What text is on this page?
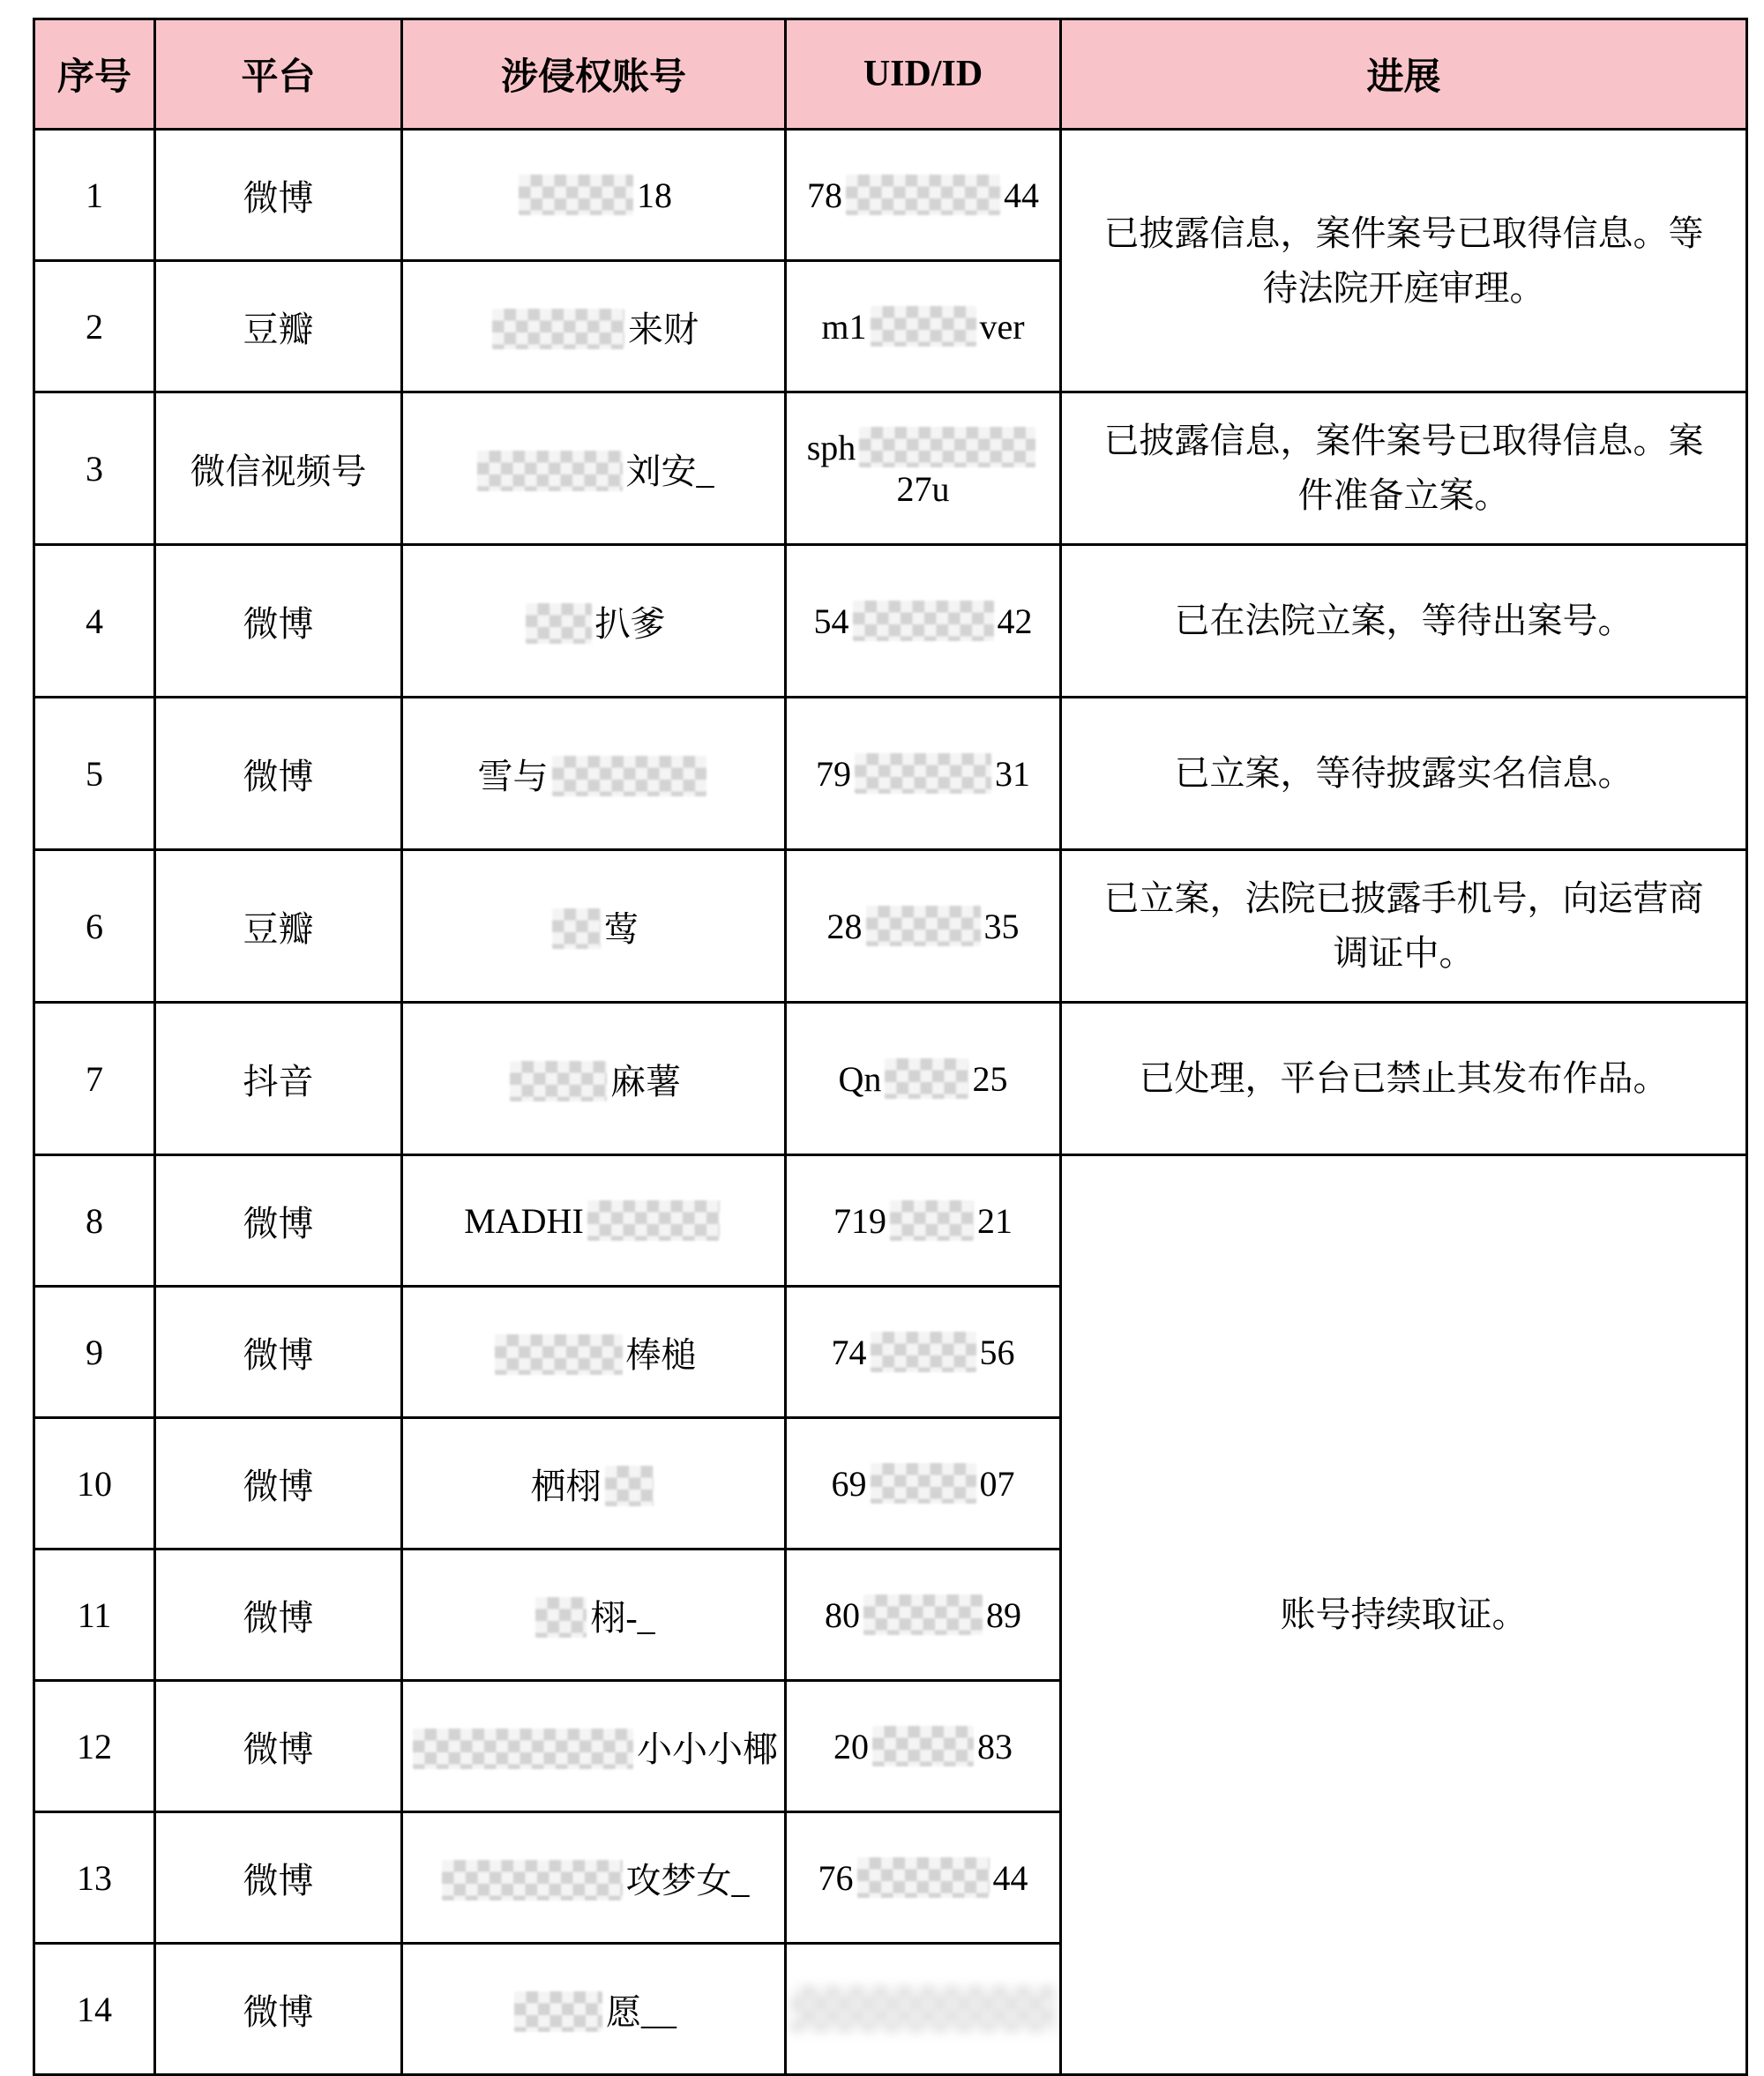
序号	平台	涉侵权账号	UID/ID	进展
1	微博	18	78 44	已披露信息，案件案号已取得信息。等待法院开庭审理。
2	豆瓣	来财	m1 ver	
3	微信视频号	刘安_	sph27u	已披露信息，案件案号已取得信息。案件准备立案。
4	微博	扒爹	54 42	已在法院立案，等待出案号。
5	微博	雪与	79 31	已立案，等待披露实名信息。
6	豆瓣	莺	28 35	已立案，法院已披露手机号，向运营商调证中。
7	抖音	麻薯	Qn 25	已处理，平台已禁止其发布作品。
8	微博	MADHI	719 21	账号持续取证。
9	微博	棒槌	74 56	
10	微博	栖栩	69 07	
11	微博	栩-_	80 89	
12	微博	小小小椰	20 83	
13	微博	攻梦女_	76 44	
14	微博	愿__		
